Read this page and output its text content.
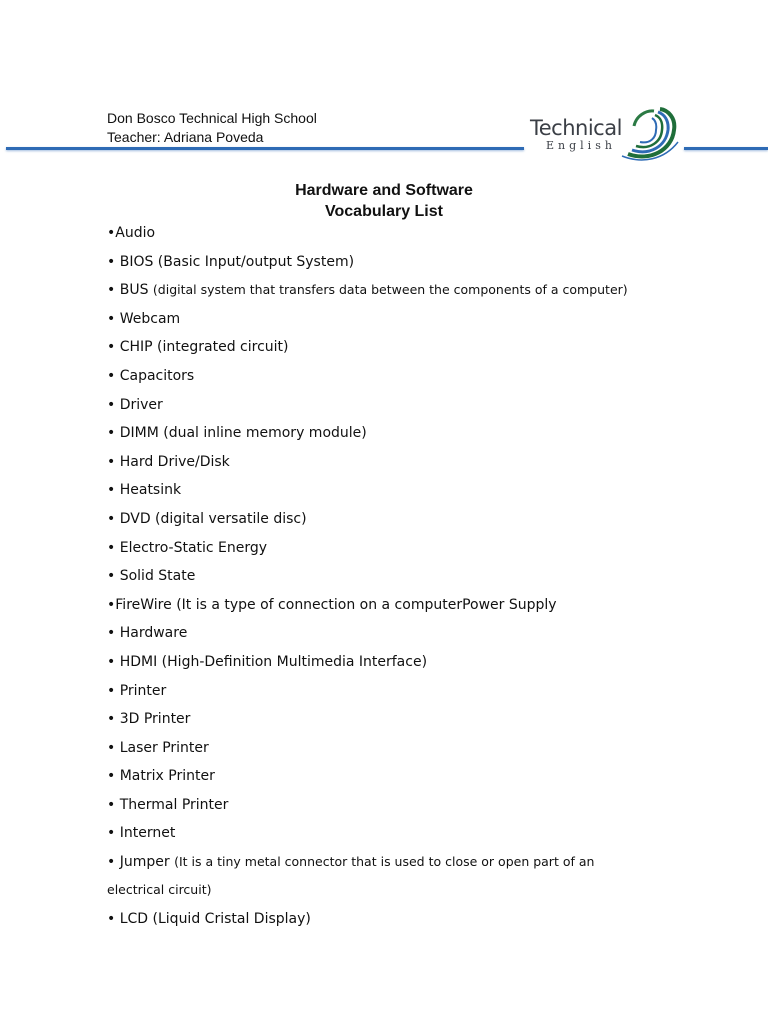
Don Bosco Technical High School
Teacher: Adriana Poveda	Technical
English
Hardware and Software
Vocabulary List
•Audio
• BIOS (Basic Input/output System)
• BUS (digital system that transfers data between the components of a computer)
• Webcam
• CHIP (integrated circuit)
• Capacitors
• Driver
• DIMM (dual inline memory module)
• Hard Drive/Disk
• Heatsink
• DVD (digital versatile disc)
• Electro-Static Energy
• Solid State
•FireWire (It is a type of connection on a computerPower Supply
• Hardware
• HDMI (High-Definition Multimedia Interface)
• Printer
• 3D Printer
• Laser Printer
• Matrix Printer
• Thermal Printer
• Internet
• Jumper (It is a tiny metal connector that is used to close or open part of an
electrical circuit)
• LCD (Liquid Cristal Display)
